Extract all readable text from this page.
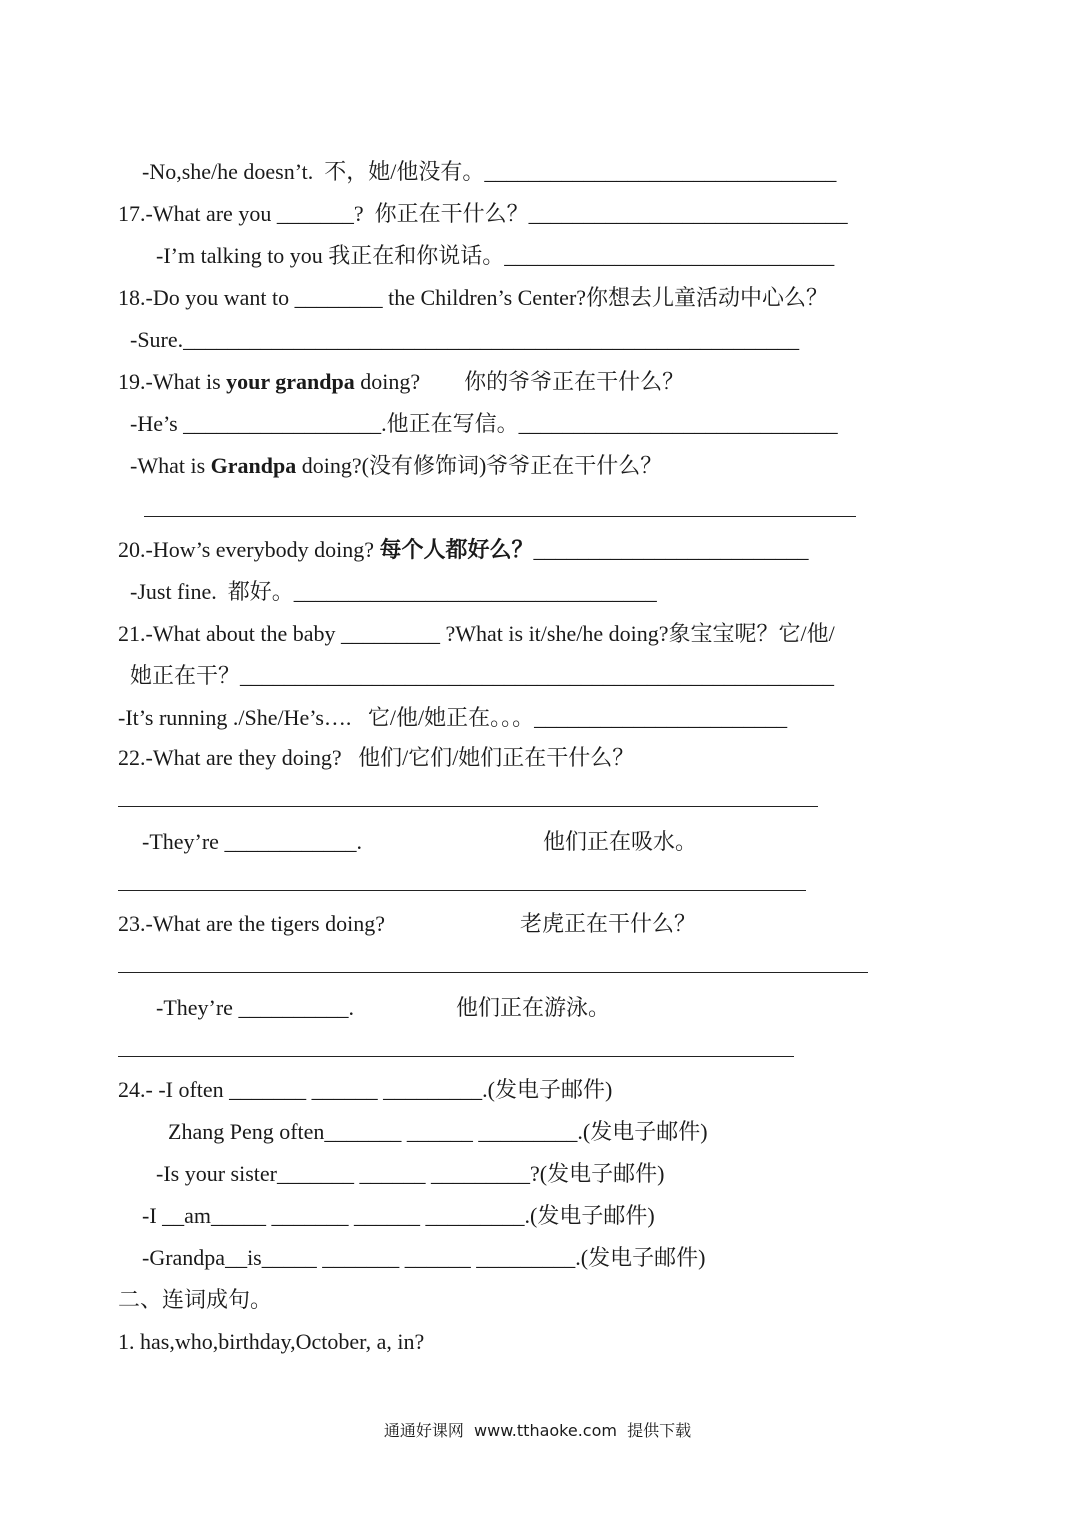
-No,she/he doesn’t.  不，她/他没有。________________________________
17.-What are you _______?  你正在干什么？_____________________________
-I’m talking to you 我正在和你说话。______________________________
18.-Do you want to ________ the Children’s Center?你想去儿童活动中心么？
-Sure.________________________________________________________
19.-What is your grandpa doing?        你的爷爷正在干什么？
-He’s __________________.他正在写信。_____________________________
-What is Grandpa doing?(没有修饰词)爷爷正在干什么？
20.-How’s everybody doing? 每个人都好么？_________________________
-Just fine.  都好。_________________________________
21.-What about the baby _________ ?What is it/she/he doing?象宝宝呢？它/他/
她正在干？______________________________________________________
-It’s running ./She/He’s….   它/他/她正在。。。_______________________
22.-What are they doing?   他们/它们/她们正在干什么？
-They’re ____________.	他们正在吸水。
23.-What are the tigers doing?	老虎正在干什么？
-They’re __________.	他们正在游泳。
24.- -I often _______ ______ _________.(发电子邮件)
Zhang Peng often_______ ______ _________.(发电子邮件)
-Is your sister_______ ______ _________?(发电子邮件)
-I __am_____ _______ ______ _________.(发电子邮件)
-Grandpa__is_____ _______ ______ _________.(发电子邮件)
二、连词成句。
1. has,who,birthday,October, a, in?
通通好课网  www.tthaoke.com  提供下载
